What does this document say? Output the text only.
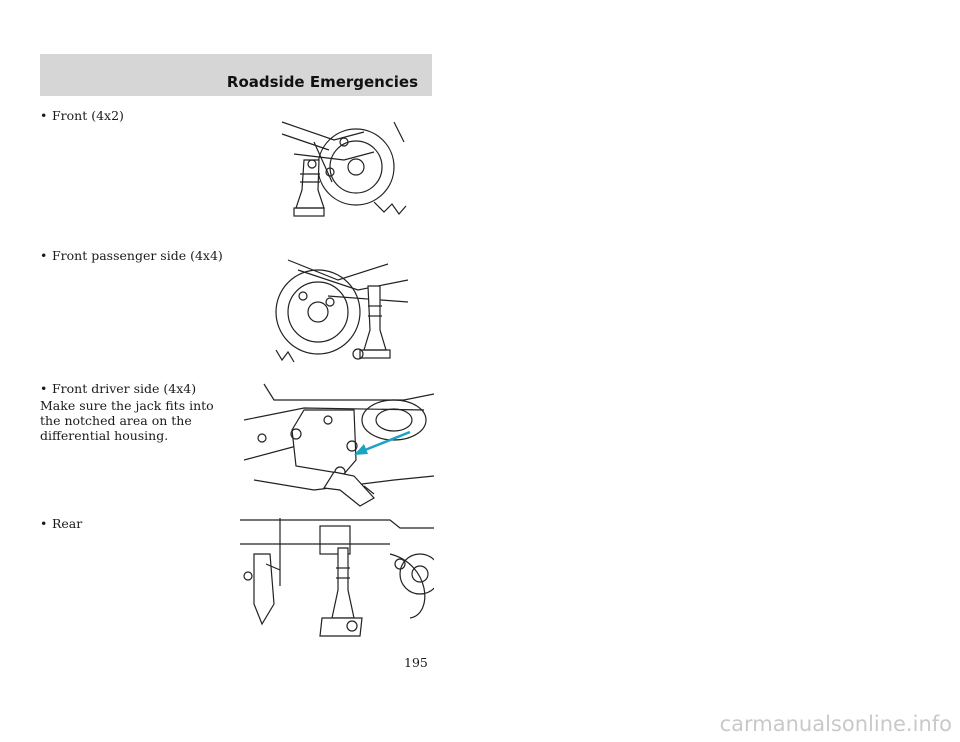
Roadside Emergencies
• Front (4x2)
• Front passenger side (4x4)
• Front driver side (4x4)
Make sure the jack fits into the notched area on the differential housing.
• Rear
195
carmanualsonline.info
